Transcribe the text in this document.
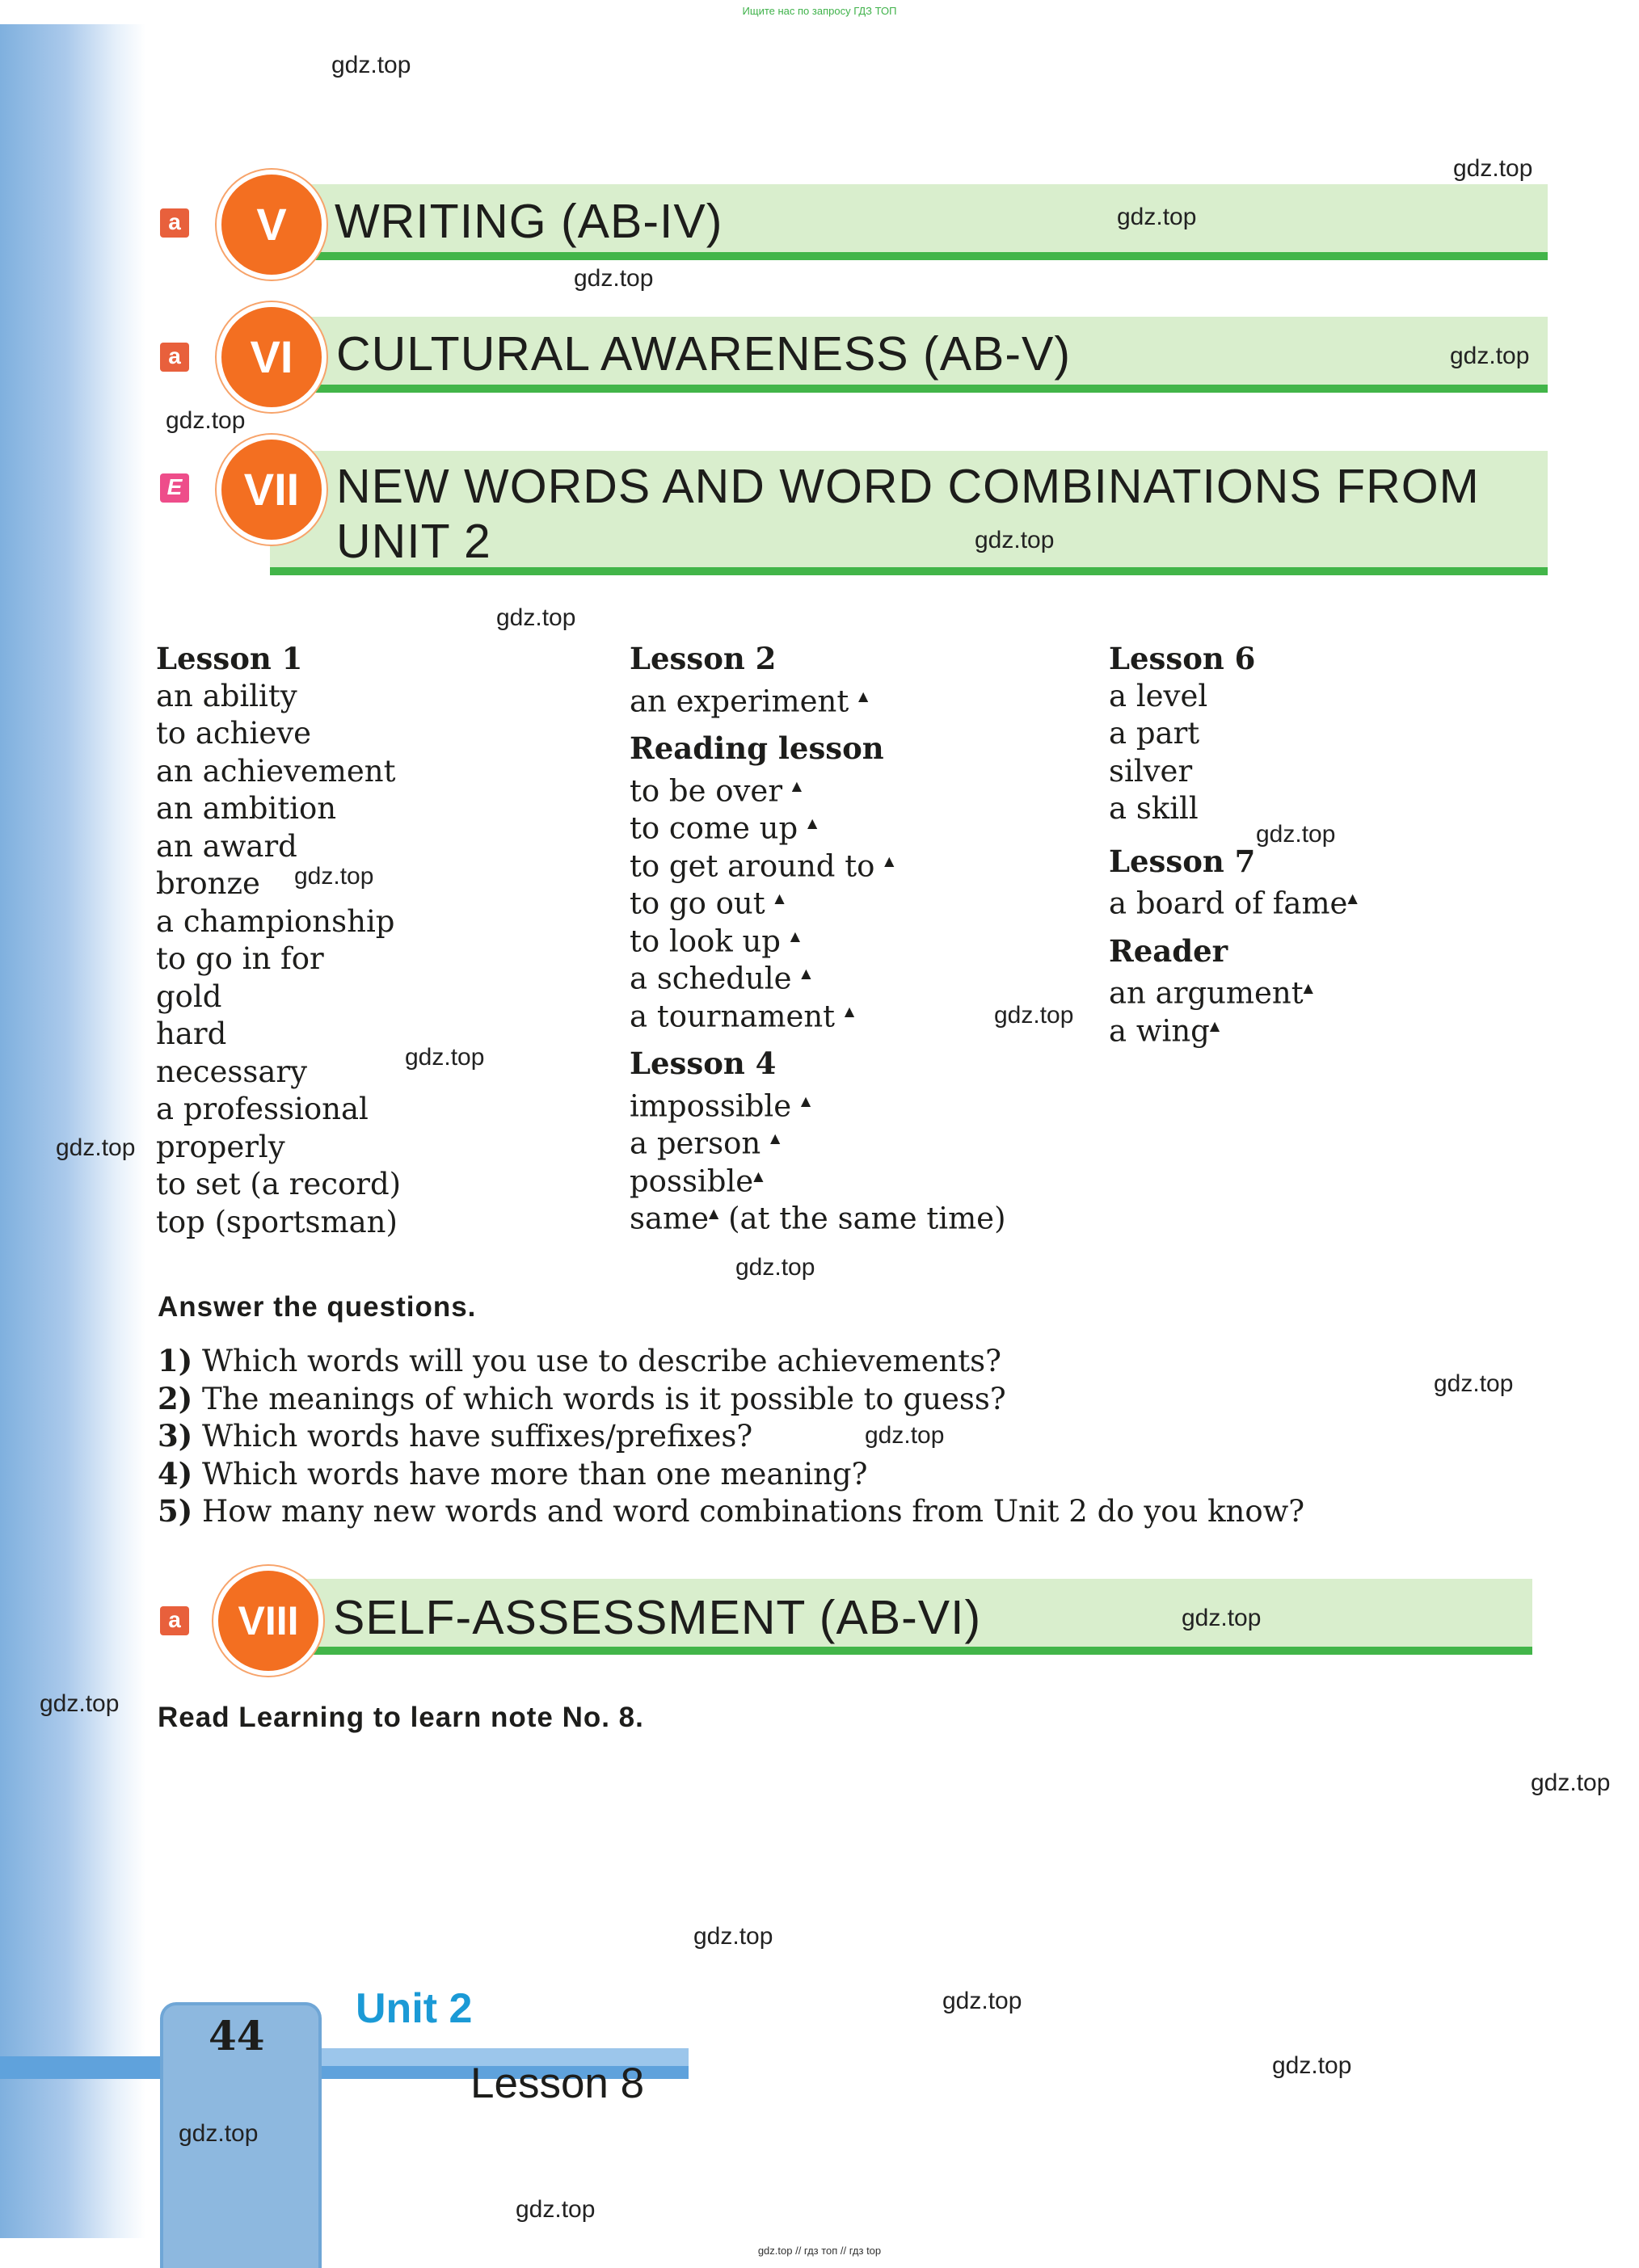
Ищите нас по запросу ГДЗ ТОП
a	V	WRITING (AB-IV)
a	VI CULTURAL AWARENESS (AB-V)
E	VII NEW WORDS AND WORD COMBINATIONS FROM
UNIT 2
Lesson 1
an ability
to achieve
an achievement
an ambition
an award
bronze
a championship
to go in for
gold
hard
necessary
a professional
properly
to set (a record)
top (sportsman)
Lesson 2
an experiment ▲
Reading lesson
to be over ▲
to come up ▲
to get around to ▲
to go out ▲
to look up ▲
a schedule ▲
a tournament ▲
Lesson 4
impossible ▲
a person ▲
possible▲
same▲ (at the same time)
Lesson 6
a level
a part
silver
a skill
Lesson 7
a board of fame▲
Reader
an argument▲
a wing▲
Answer the questions.
1) Which words will you use to describe achievements?
2) The meanings of which words is it possible to guess?
3) Which words have suffixes/prefixes?
4) Which words have more than one meaning?
5) How many new words and word combinations from Unit 2 do you know?
a	VIII SELF-ASSESSMENT (AB-VI)
Read Learning to learn note No. 8.
44
Unit 2
Lesson 8
gdz.top // гдз топ // гдз top
gdz.top
gdz.top
gdz.top
gdz.top
gdz.top
gdz.top
gdz.top
gdz.top
gdz.top
gdz.top
gdz.top
gdz.top
gdz.top
gdz.top
gdz.top
gdz.top
gdz.top
gdz.top
gdz.top
gdz.top
gdz.top
gdz.top
gdz.top
gdz.top
